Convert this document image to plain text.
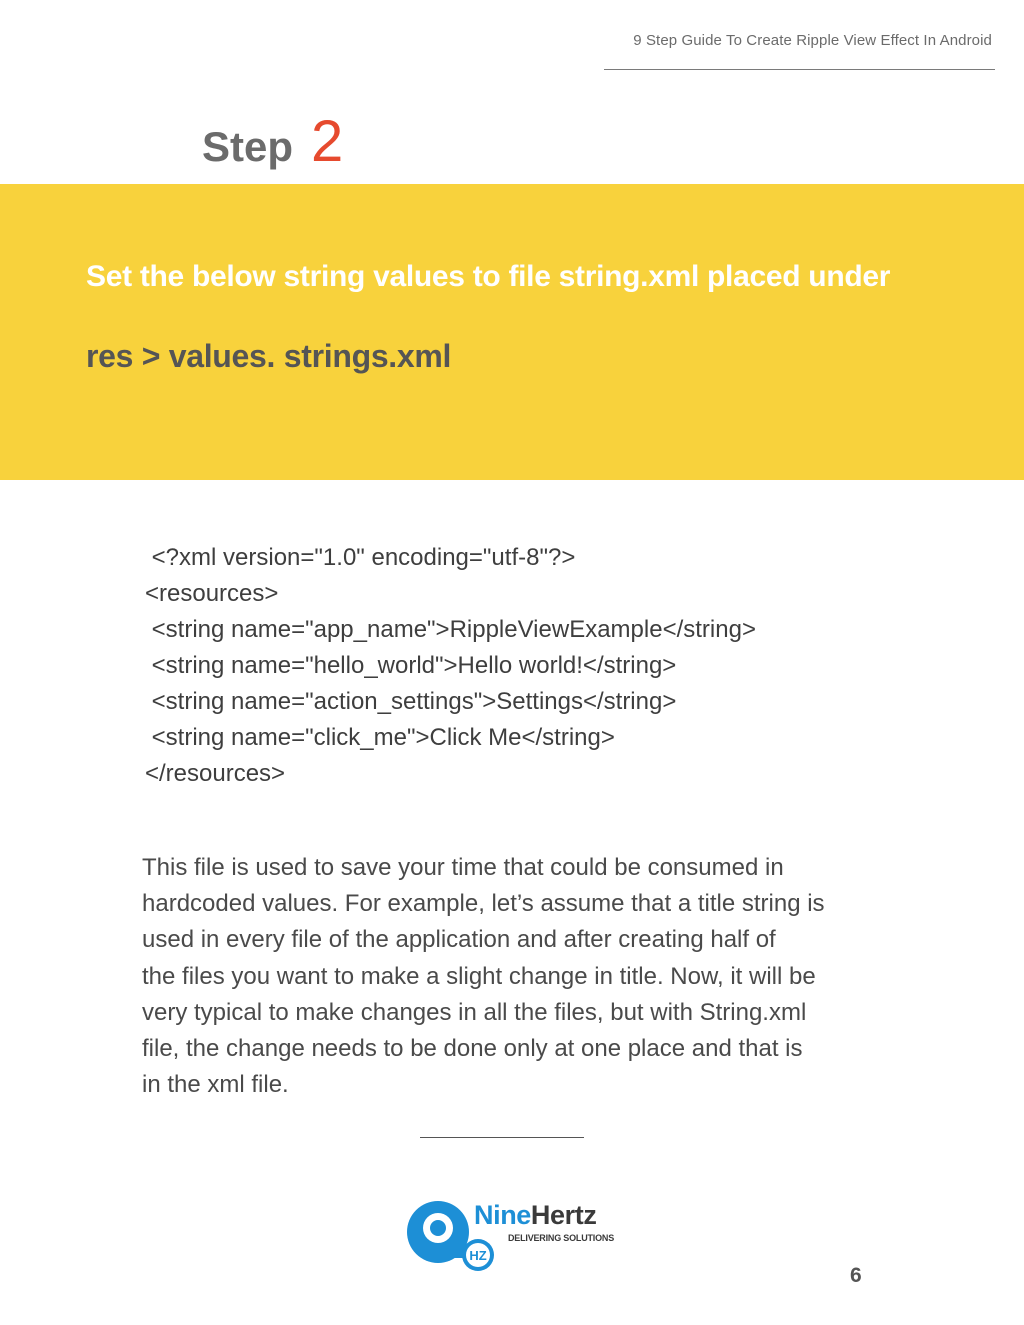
9 Step Guide To Create Ripple View Effect In Android
Step 2
Set the below string values to file string.xml placed under
res > values. strings.xml
<?xml version="1.0" encoding="utf-8"?>
<resources>
<string name="app_name">RippleViewExample</string>
<string name="hello_world">Hello world!</string>
<string name="action_settings">Settings</string>
<string name="click_me">Click Me</string>
</resources>
This file is used to save your time that could be consumed in
hardcoded values. For example, let’s assume that a title string is
used in every file of the application and after creating half of
the files you want to make a slight change in title. Now, it will be
very typical to make changes in all the files, but with String.xml
file, the change needs to be done only at one place and that is
in the xml file.
HZ
NineHertz
DELIVERING SOLUTIONS
6
